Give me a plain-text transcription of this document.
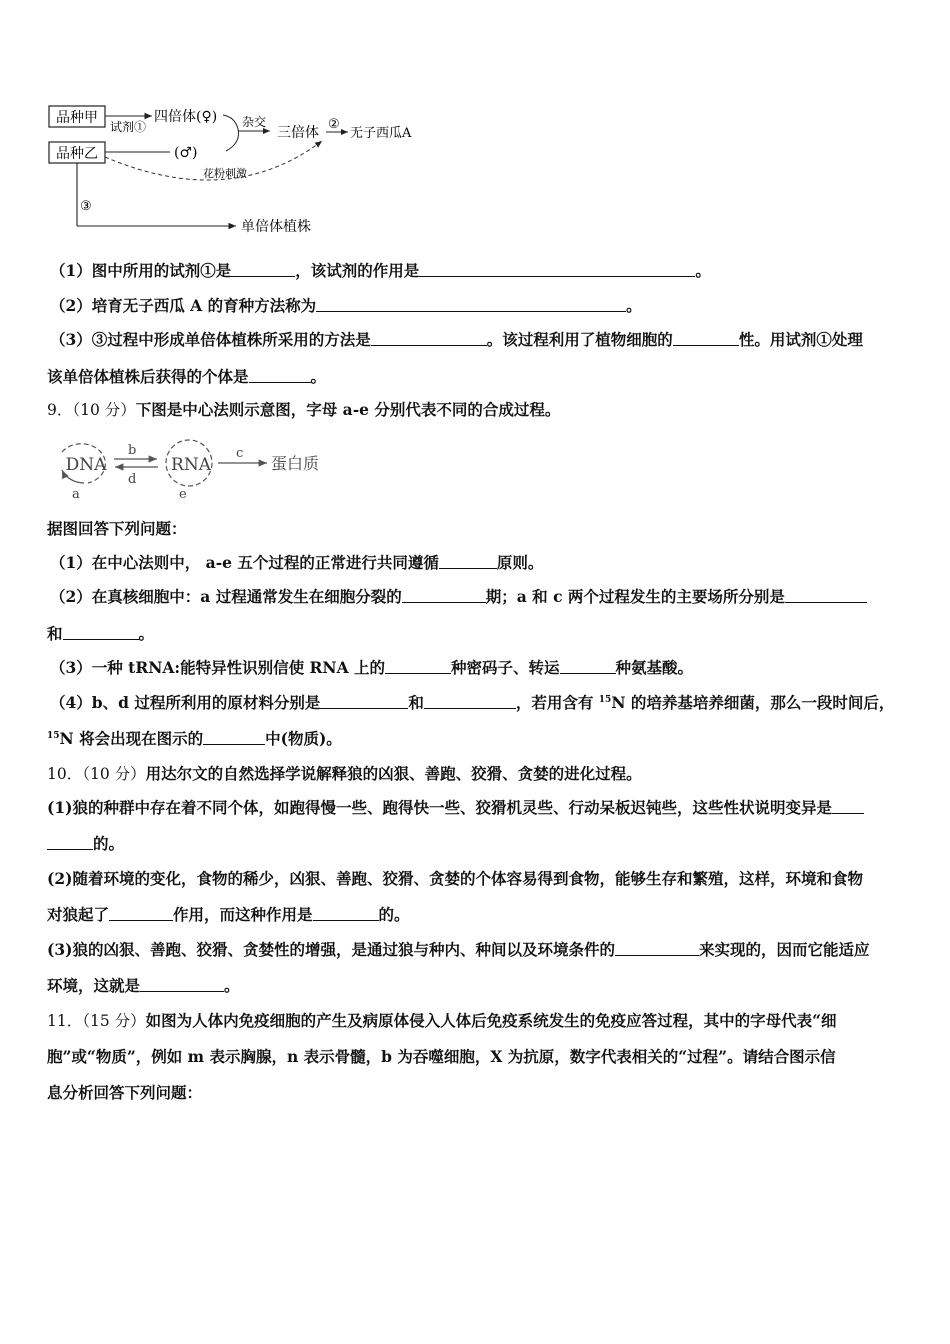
品种甲
品种乙
试剂①
四倍体(♀)
(♂)
杂交
三倍体
②
无子西瓜A
花粉刺激
③
单倍体植株
（1）图中所用的试剂①是	，该试剂的作用是	。
（2）培育无子西瓜 A 的育种方法称为	。
（3）③过程中形成单倍体植株所采用的方法是	。该过程利用了植物细胞的	性。用试剂①处理
该单倍体植株后获得的个体是	。
9．（10 分）下图是中心法则示意图，字母 a-e 分别代表不同的合成过程。
DNA
a
b
d
RNA
e
c
蛋白质
据图回答下列问题：
（1）在中心法则中， a-e 五个过程的正常进行共同遵循	原则。
（2）在真核细胞中：a 过程通常发生在细胞分裂的	期；a 和 c 两个过程发生的主要场所分别是
和	。
（3）一种 tRNA:能特异性识别信使 RNA 上的	种密码子、转运	种氨基酸。
（4）b、d 过程所利用的原材料分别是	和	，若用含有 $^{15}$N 的培养基培养细菌，那么一段时间后，
$^{15}$N 将会出现在图示的	中(物质)。
10．（10 分）用达尔文的自然选择学说解释狼的凶狠、善跑、狡猾、贪婪的进化过程。
(1)狼的种群中存在着不同个体，如跑得慢一些、跑得快一些、狡猾机灵些、行动呆板迟钝些，这些性状说明变异是
的。
(2)随着环境的变化，食物的稀少，凶狠、善跑、狡猾、贪婪的个体容易得到食物，能够生存和繁殖，这样，环境和食物
对狼起了	作用，而这种作用是	的。
(3)狼的凶狠、善跑、狡猾、贪婪性的增强，是通过狼与种内、种间以及环境条件的	来实现的，因而它能适应
环境，这就是	。
11．（15 分）如图为人体内免疫细胞的产生及病原体侵入人体后免疫系统发生的免疫应答过程，其中的字母代表“细
胞”或“物质”，例如 m 表示胸腺，n 表示骨髓，b 为吞噬细胞，X 为抗原，数字代表相关的“过程”。请结合图示信
息分析回答下列问题：
